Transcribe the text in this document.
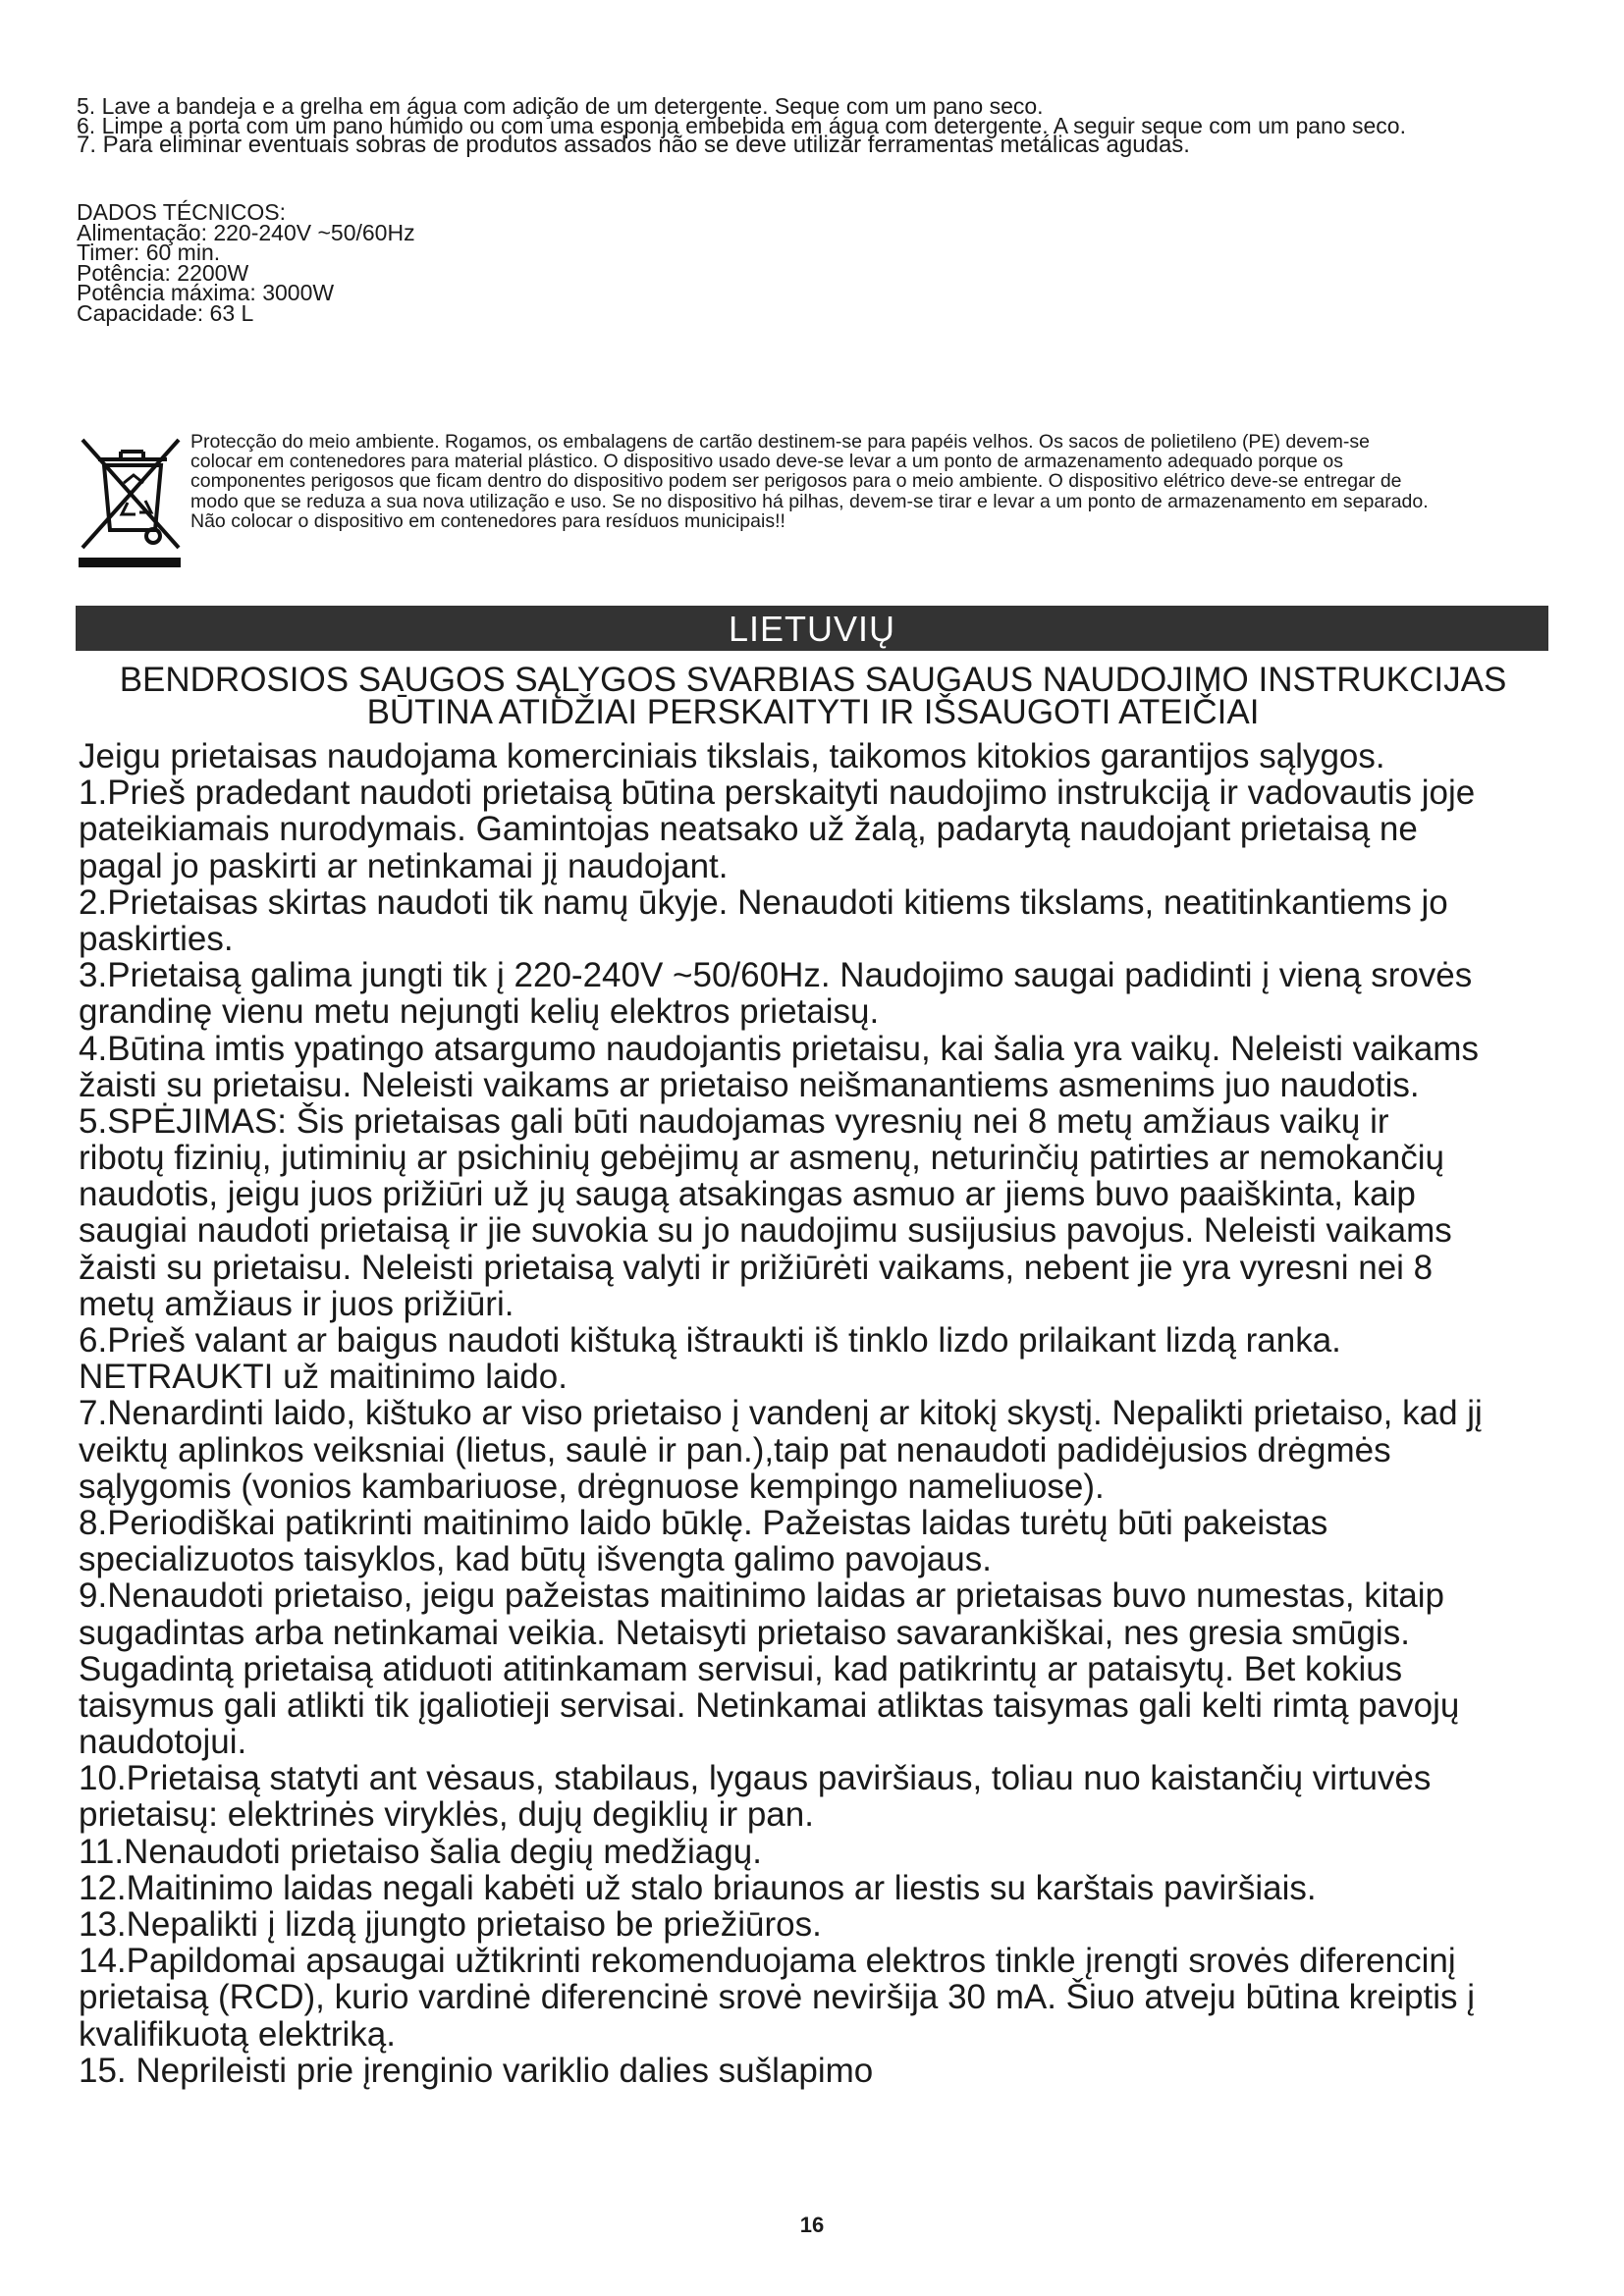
5. Lave a bandeja e a grelha em água com adição de um detergente. Seque com um pano seco.
6. Limpe a porta com um pano húmido ou com uma esponja embebida em água com detergente. A seguir seque com um pano seco.
7. Para eliminar eventuais sobras de produtos assados não se deve utilizar ferramentas metálicas agudas.
DADOS TÉCNICOS:
Alimentação: 220-240V ~50/60Hz
Timer: 60 min.
Potência: 2200W
Potência máxima: 3000W
Capacidade: 63 L
Protecção do meio ambiente. Rogamos, os embalagens de cartão destinem-se para papéis velhos. Os sacos de polietileno (PE) devem-se
colocar em contenedores para material plástico. O dispositivo usado deve-se levar a um ponto de armazenamento adequado porque os
componentes perigosos que ficam dentro do dispositivo podem ser perigosos para o meio ambiente. O dispositivo elétrico deve-se entregar de
modo que se reduza a sua nova utilização e uso. Se no dispositivo há pilhas, devem-se tirar e levar a um ponto de armazenamento em separado.
Não colocar o dispositivo em contenedores para resíduos municipais!!
LIETUVIŲ
BENDROSIOS SAUGOS SĄLYGOS SVARBIAS SAUGAUS NAUDOJIMO INSTRUKCIJAS
BŪTINA ATIDŽIAI PERSKAITYTI IR IŠSAUGOTI ATEIČIAI
Jeigu prietaisas naudojama komerciniais tikslais, taikomos kitokios garantijos sąlygos.
1.Prieš pradedant naudoti prietaisą būtina perskaityti naudojimo instrukciją ir vadovautis joje
pateikiamais nurodymais. Gamintojas neatsako už žalą, padarytą naudojant prietaisą ne
pagal jo paskirti ar netinkamai jį naudojant.
2.Prietaisas skirtas naudoti tik namų ūkyje. Nenaudoti kitiems tikslams, neatitinkantiems jo
paskirties.
3.Prietaisą galima jungti tik į 220-240V ~50/60Hz. Naudojimo saugai padidinti į vieną srovės
grandinę vienu metu nejungti kelių elektros prietaisų.
4.Būtina imtis ypatingo atsargumo naudojantis prietaisu, kai šalia yra vaikų. Neleisti vaikams
žaisti su prietaisu. Neleisti vaikams ar prietaiso neišmanantiems asmenims juo naudotis.
5.SPĖJIMAS: Šis prietaisas gali būti naudojamas vyresnių nei 8 metų amžiaus vaikų ir
ribotų fizinių, jutiminių ar psichinių gebėjimų ar asmenų, neturinčių patirties ar nemokančių
naudotis, jeigu juos prižiūri už jų saugą atsakingas asmuo ar jiems buvo paaiškinta, kaip
saugiai naudoti prietaisą ir jie suvokia su jo naudojimu susijusius pavojus. Neleisti vaikams
žaisti su prietaisu. Neleisti prietaisą valyti ir prižiūrėti vaikams, nebent jie yra vyresni nei 8
metų amžiaus ir juos prižiūri.
6.Prieš valant ar baigus naudoti kištuką ištraukti iš tinklo lizdo prilaikant lizdą ranka.
NETRAUKTI už maitinimo laido.
7.Nenardinti laido, kištuko ar viso prietaiso į vandenį ar kitokį skystį. Nepalikti prietaiso, kad jį
veiktų aplinkos veiksniai (lietus, saulė ir pan.),taip pat nenaudoti padidėjusios drėgmės
sąlygomis (vonios kambariuose, drėgnuose kempingo nameliuose).
8.Periodiškai patikrinti maitinimo laido būklę. Pažeistas laidas turėtų būti pakeistas
specializuotos taisyklos, kad būtų išvengta galimo pavojaus.
9.Nenaudoti prietaiso, jeigu pažeistas maitinimo laidas ar prietaisas buvo numestas, kitaip
sugadintas arba netinkamai veikia. Netaisyti prietaiso savarankiškai, nes gresia smūgis.
Sugadintą prietaisą atiduoti atitinkamam servisui, kad patikrintų ar pataisytų. Bet kokius
taisymus gali atlikti tik įgaliotieji servisai. Netinkamai atliktas taisymas gali kelti rimtą pavojų
naudotojui.
10.Prietaisą statyti ant vėsaus, stabilaus, lygaus paviršiaus, toliau nuo kaistančių virtuvės
prietaisų: elektrinės viryklės, dujų degiklių ir pan.
11.Nenaudoti prietaiso šalia degių medžiagų.
12.Maitinimo laidas negali kabėti už stalo briaunos ar liestis su karštais paviršiais.
13.Nepalikti į lizdą įjungto prietaiso be priežiūros.
14.Papildomai apsaugai užtikrinti rekomenduojama elektros tinkle įrengti srovės diferencinį
prietaisą (RCD), kurio vardinė diferencinė srovė neviršija 30 mA. Šiuo atveju būtina kreiptis į
kvalifikuotą elektriką.
15. Neprileisti prie įrenginio variklio dalies sušlapimo
16
